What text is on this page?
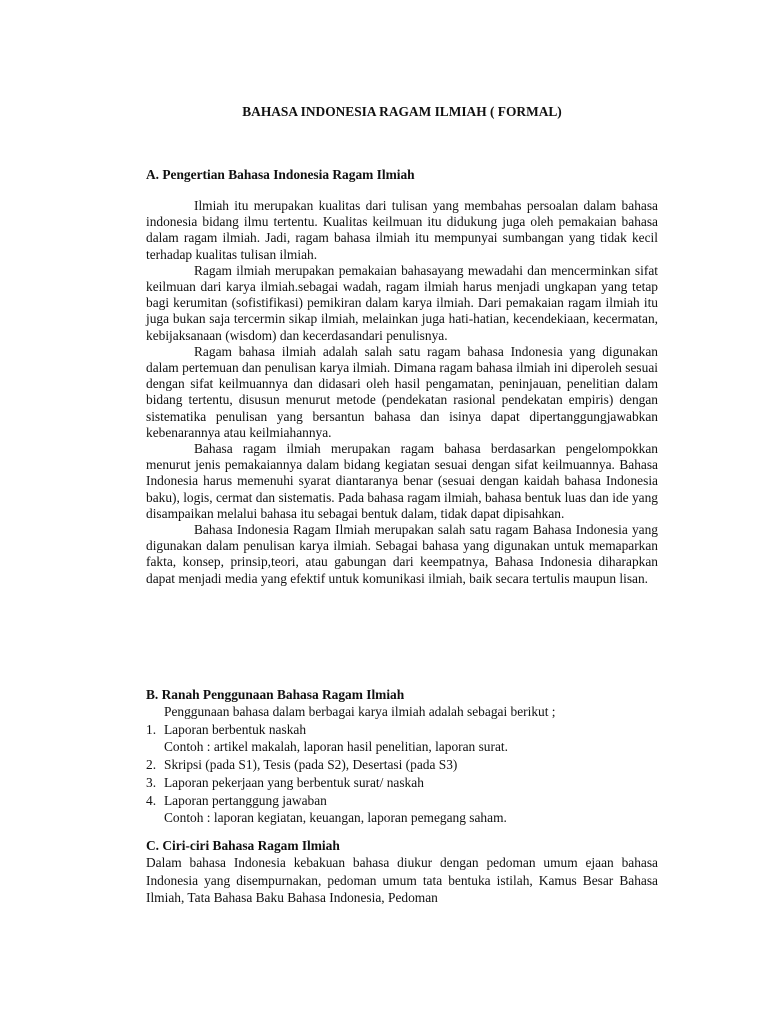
BAHASA INDONESIA RAGAM ILMIAH ( FORMAL)
A. Pengertian Bahasa Indonesia Ragam Ilmiah

Ilmiah itu merupakan kualitas dari tulisan yang membahas persoalan dalam bahasa indonesia bidang ilmu tertentu. Kualitas keilmuan itu didukung juga oleh pemakaian bahasa dalam ragam ilmiah. Jadi, ragam bahasa ilmiah itu mempunyai sumbangan yang tidak kecil terhadap kualitas tulisan ilmiah.

Ragam ilmiah merupakan pemakaian bahasayang mewadahi dan mencerminkan sifat keilmuan dari karya ilmiah.sebagai wadah, ragam ilmiah harus menjadi ungkapan yang tetap bagi kerumitan (sofistifikasi) pemikiran dalam karya ilmiah. Dari pemakaian ragam ilmiah itu juga bukan saja tercermin sikap ilmiah, melainkan juga hati-hatian, kecendekiaan, kecermatan, kebijaksanaan (wisdom) dan kecerdasandari penulisnya.

Ragam bahasa ilmiah adalah salah satu ragam bahasa Indonesia yang digunakan dalam pertemuan dan penulisan karya ilmiah. Dimana ragam bahasa ilmiah ini diperoleh sesuai dengan sifat keilmuannya dan didasari oleh hasil pengamatan, peninjauan, penelitian dalam bidang tertentu, disusun menurut metode (pendekatan rasional pendekatan empiris) dengan sistematika penulisan yang bersantun bahasa dan isinya dapat dipertanggungjawabkan kebenarannya atau keilmiahannya.

Bahasa ragam ilmiah merupakan ragam bahasa berdasarkan pengelompokkan menurut jenis pemakaiannya dalam bidang kegiatan sesuai dengan sifat keilmuannya. Bahasa Indonesia harus memenuhi syarat diantaranya benar (sesuai dengan kaidah bahasa Indonesia baku), logis, cermat dan sistematis. Pada bahasa ragam ilmiah, bahasa bentuk luas dan ide yang disampaikan melalui bahasa itu sebagai bentuk dalam, tidak dapat dipisahkan.

Bahasa Indonesia Ragam Ilmiah merupakan salah satu ragam Bahasa Indonesia yang digunakan dalam penulisan karya ilmiah. Sebagai bahasa yang digunakan untuk memaparkan fakta, konsep, prinsip,teori, atau gabungan dari keempatnya, Bahasa Indonesia diharapkan dapat menjadi media yang efektif untuk komunikasi ilmiah, baik secara tertulis maupun lisan.

B. Ranah Penggunaan Bahasa Ragam Ilmiah
Penggunaan bahasa dalam berbagai karya ilmiah adalah sebagai berikut ;
1. Laporan berbentuk naskah
Contoh : artikel makalah, laporan hasil penelitian, laporan surat.
2. Skripsi (pada S1), Tesis (pada S2), Desertasi (pada S3)
3. Laporan pekerjaan yang berbentuk surat/ naskah
4. Laporan pertanggung jawaban
Contoh : laporan kegiatan, keuangan, laporan pemegang saham.
C. Ciri-ciri Bahasa Ragam Ilmiah

Dalam bahasa Indonesia kebakuan bahasa diukur dengan pedoman umum ejaan bahasa Indonesia yang disempurnakan, pedoman umum tata bentuka istilah, Kamus Besar Bahasa Ilmiah, Tata Bahasa Baku Bahasa Indonesia, Pedoman
